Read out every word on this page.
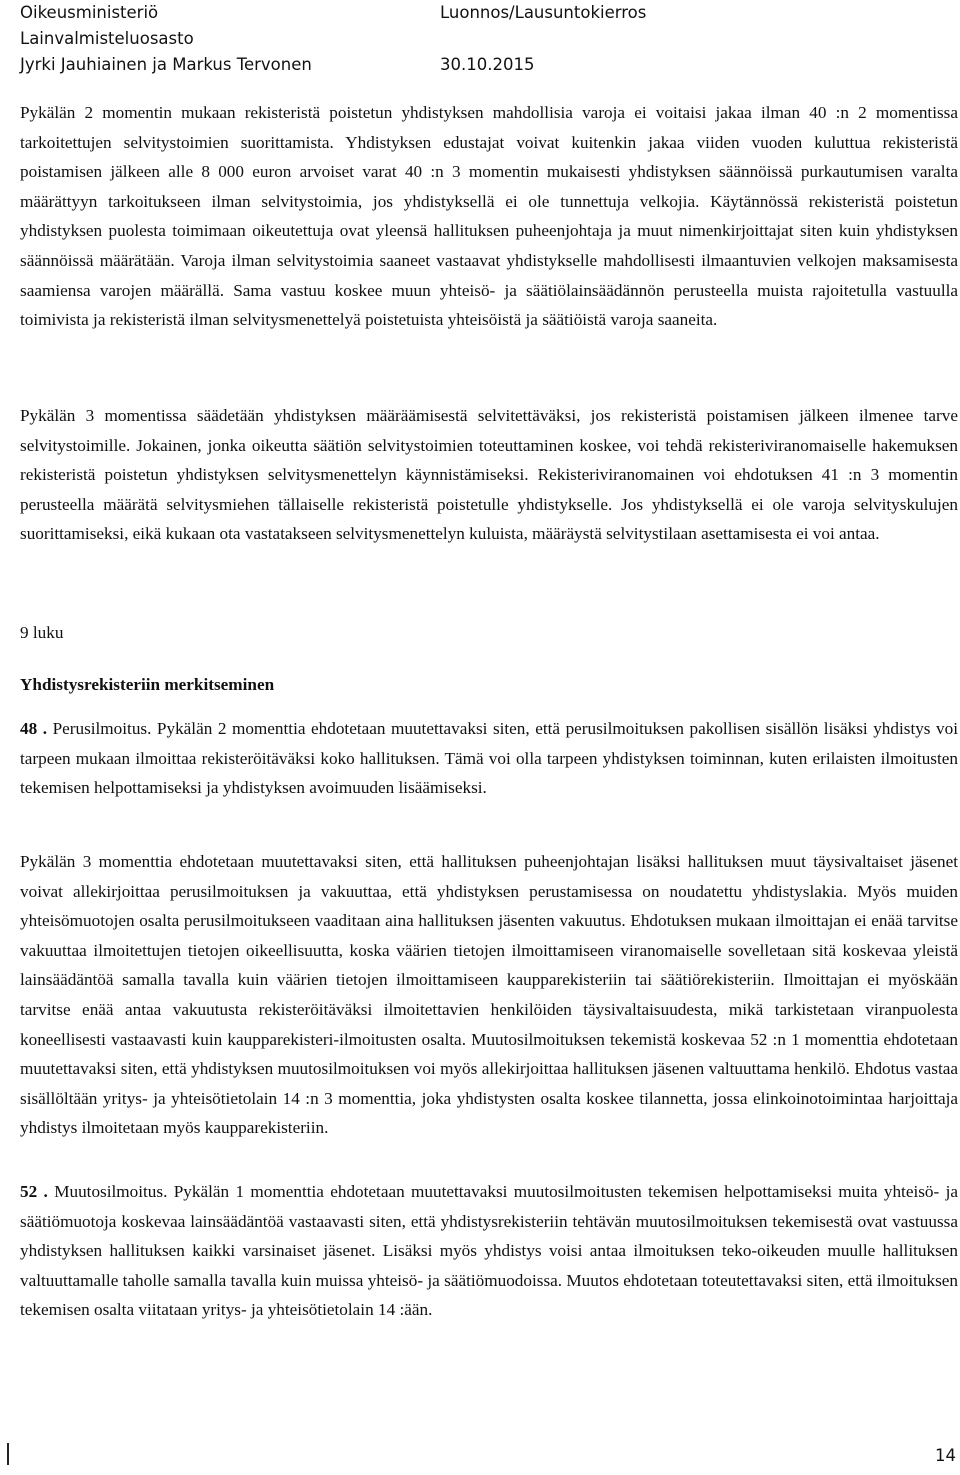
Oikeusministeriö
Lainvalmisteluosasto
Jyrki Jauhiainen ja Markus Tervonen
Luonnos/Lausuntokierros
30.10.2015

Pykälän 2 momentin mukaan rekisteristä poistetun yhdistyksen mahdollisia varoja ei voitaisi jakaa ilman 40 :n 2 momentissa tarkoitettujen selvitystoimien suorittamista. Yhdistyksen edustajat voivat kuitenkin jakaa viiden vuoden kuluttua rekisteristä poistamisen jälkeen alle 8 000 euron arvoiset varat 40 :n 3 momentin mukaisesti yhdistyksen säännöissä purkautumisen varalta määrättyyn tarkoitukseen ilman selvitystoimia, jos yhdistyksellä ei ole tunnettuja velkojia. Käytännössä rekisteristä poistetun yhdistyksen puolesta toimimaan oikeutettuja ovat yleensä hallituksen puheenjohtaja ja muut nimenkirjoittajat siten kuin yhdistyksen säännöissä määrätään. Varoja ilman selvitystoimia saaneet vastaavat yhdistykselle mahdollisesti ilmaantuvien velkojen maksamisesta saamiensa varojen määrällä. Sama vastuu koskee muun yhteisö- ja säätiölainsäädännön perusteella muista rajoitetulla vastuulla toimivista ja rekisteristä ilman selvitysmenettelyä poistetuista yhteisöistä ja säätiöistä varoja saaneita.

Pykälän 3 momentissa säädetään yhdistyksen määräämisestä selvitettäväksi, jos rekisteristä poistamisen jälkeen ilmenee tarve selvitystoimille. Jokainen, jonka oikeutta säätiön selvitystoimien toteuttaminen koskee, voi tehdä rekisteriviranomaiselle hakemuksen rekisteristä poistetun yhdistyksen selvitysmenettelyn käynnistämiseksi. Rekisteriviranomainen voi ehdotuksen 41 :n 3 momentin perusteella määrätä selvitysmiehen tällaiselle rekisteristä poistetulle yhdistykselle. Jos yhdistyksellä ei ole varoja selvityskulujen suorittamiseksi, eikä kukaan ota vastatakseen selvitysmenettelyn kuluista, määräystä selvitystilaan asettamisesta ei voi antaa.

9 luku
Yhdistysrekisteriin merkitseminen

48 . Perusilmoitus. Pykälän 2 momenttia ehdotetaan muutettavaksi siten, että perusilmoituksen pakollisen sisällön lisäksi yhdistys voi tarpeen mukaan ilmoittaa rekisteröitäväksi koko hallituksen. Tämä voi olla tarpeen yhdistyksen toiminnan, kuten erilaisten ilmoitusten tekemisen helpottamiseksi ja yhdistyksen avoimuuden lisäämiseksi.

Pykälän 3 momenttia ehdotetaan muutettavaksi siten, että hallituksen puheenjohtajan lisäksi hallituksen muut täysivaltaiset jäsenet voivat allekirjoittaa perusilmoituksen ja vakuuttaa, että yhdistyksen perustamisessa on noudatettu yhdistyslakia. Myös muiden yhteisömuotojen osalta perusilmoitukseen vaaditaan aina hallituksen jäsenten vakuutus. Ehdotuksen mukaan ilmoittajan ei enää tarvitse vakuuttaa ilmoitettujen tietojen oikeellisuutta, koska väärien tietojen ilmoittamiseen viranomaiselle sovelletaan sitä koskevaa yleistä lainsäädäntöä samalla tavalla kuin väärien tietojen ilmoittamiseen kaupparekisteriin tai säätiörekisteriin. Ilmoittajan ei myöskään tarvitse enää antaa vakuutusta rekisteröitäväksi ilmoitettavien henkilöiden täysivaltaisuudesta, mikä tarkistetaan viranpuolesta koneellisesti vastaavasti kuin kaupparekisteri-ilmoitusten osalta. Muutosilmoituksen tekemistä koskevaa 52 :n 1 momenttia ehdotetaan muutettavaksi siten, että yhdistyksen muutosilmoituksen voi myös allekirjoittaa hallituksen jäsenen valtuuttama henkilö. Ehdotus vastaa sisällöltään yritys- ja yhteisötietolain 14 :n 3 momenttia, joka yhdistysten osalta koskee tilannetta, jossa elinkoinotoimintaa harjoittaja yhdistys ilmoitetaan myös kaupparekisteriin.

52 . Muutosilmoitus. Pykälän 1 momenttia ehdotetaan muutettavaksi muutosilmoitusten tekemisen helpottamiseksi muita yhteisö- ja säätiömuotoja koskevaa lainsäädäntöä vastaavasti siten, että yhdistysrekisteriin tehtävän muutosilmoituksen tekemisestä ovat vastuussa yhdistyksen hallituksen kaikki varsinaiset jäsenet. Lisäksi myös yhdistys voisi antaa ilmoituksen teko-oikeuden muulle hallituksen valtuuttamalle taholle samalla tavalla kuin muissa yhteisö- ja säätiömuodoissa. Muutos ehdotetaan toteutettavaksi siten, että ilmoituksen tekemisen osalta viitataan yritys- ja yhteisötietolain 14 :ään.

14
